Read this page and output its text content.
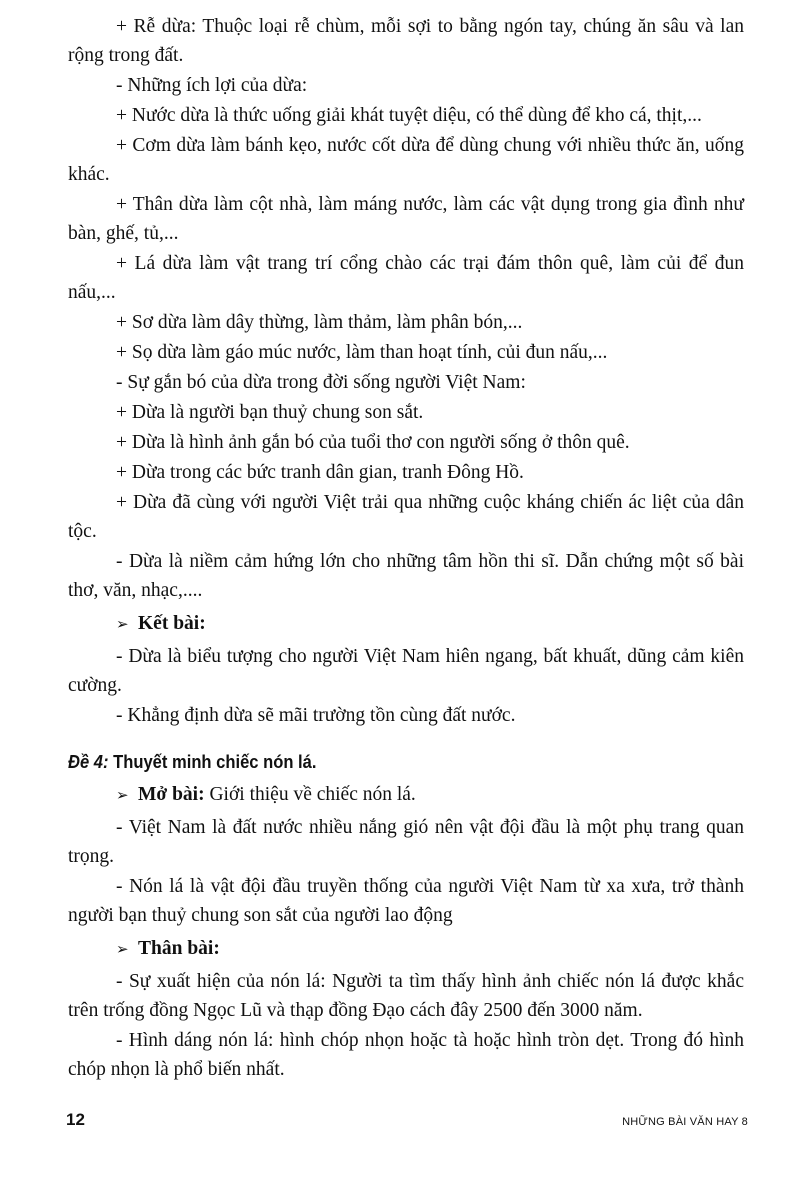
+ Rễ dừa: Thuộc loại rễ chùm, mỗi sợi to bằng ngón tay, chúng ăn sâu và lan rộng trong đất.

- Những ích lợi của dừa:

+ Nước dừa là thức uống giải khát tuyệt diệu, có thể dùng để kho cá, thịt,...

+ Cơm dừa làm bánh kẹo, nước cốt dừa để dùng chung với nhiều thức ăn, uống khác.

+ Thân dừa làm cột nhà, làm máng nước, làm các vật dụng trong gia đình như bàn, ghế, tủ,...

+ Lá dừa làm vật trang trí cổng chào các trại đám thôn quê, làm củi để đun nấu,...

+ Sơ dừa làm dây thừng, làm thảm, làm phân bón,...

+ Sọ dừa làm gáo múc nước, làm than hoạt tính, củi đun nấu,...

- Sự gắn bó của dừa trong đời sống người Việt Nam:

+ Dừa là người bạn thuỷ chung son sắt.

+ Dừa là hình ảnh gắn bó của tuổi thơ con người sống ở thôn quê.

+ Dừa trong các bức tranh dân gian, tranh Đông Hồ.

+ Dừa đã cùng với người Việt trải qua những cuộc kháng chiến ác liệt của dân tộc.

- Dừa là niềm cảm hứng lớn cho những tâm hồn thi sĩ. Dẫn chứng một số bài thơ, văn, nhạc,....

➢ Kết bài:

- Dừa là biểu tượng cho người Việt Nam hiên ngang, bất khuất, dũng cảm kiên cường.

- Khẳng định dừa sẽ mãi trường tồn cùng đất nước.

Đề 4: Thuyết minh chiếc nón lá.
➢ Mở bài: Giới thiệu về chiếc nón lá.

- Việt Nam là đất nước nhiều nắng gió nên vật đội đầu là một phụ trang quan trọng.

- Nón lá là vật đội đầu truyền thống của người Việt Nam từ xa xưa, trở thành người bạn thuỷ chung son sắt của người lao động

➢ Thân bài:

- Sự xuất hiện của nón lá: Người ta tìm thấy hình ảnh chiếc nón lá được khắc trên trống đồng Ngọc Lũ và thạp đồng Đạo cách đây 2500 đến 3000 năm.

- Hình dáng nón lá: hình chóp nhọn hoặc tà hoặc hình tròn dẹt. Trong đó hình chóp nhọn là phổ biến nhất.

12	NHỮNG BÀI VĂN HAY 8
